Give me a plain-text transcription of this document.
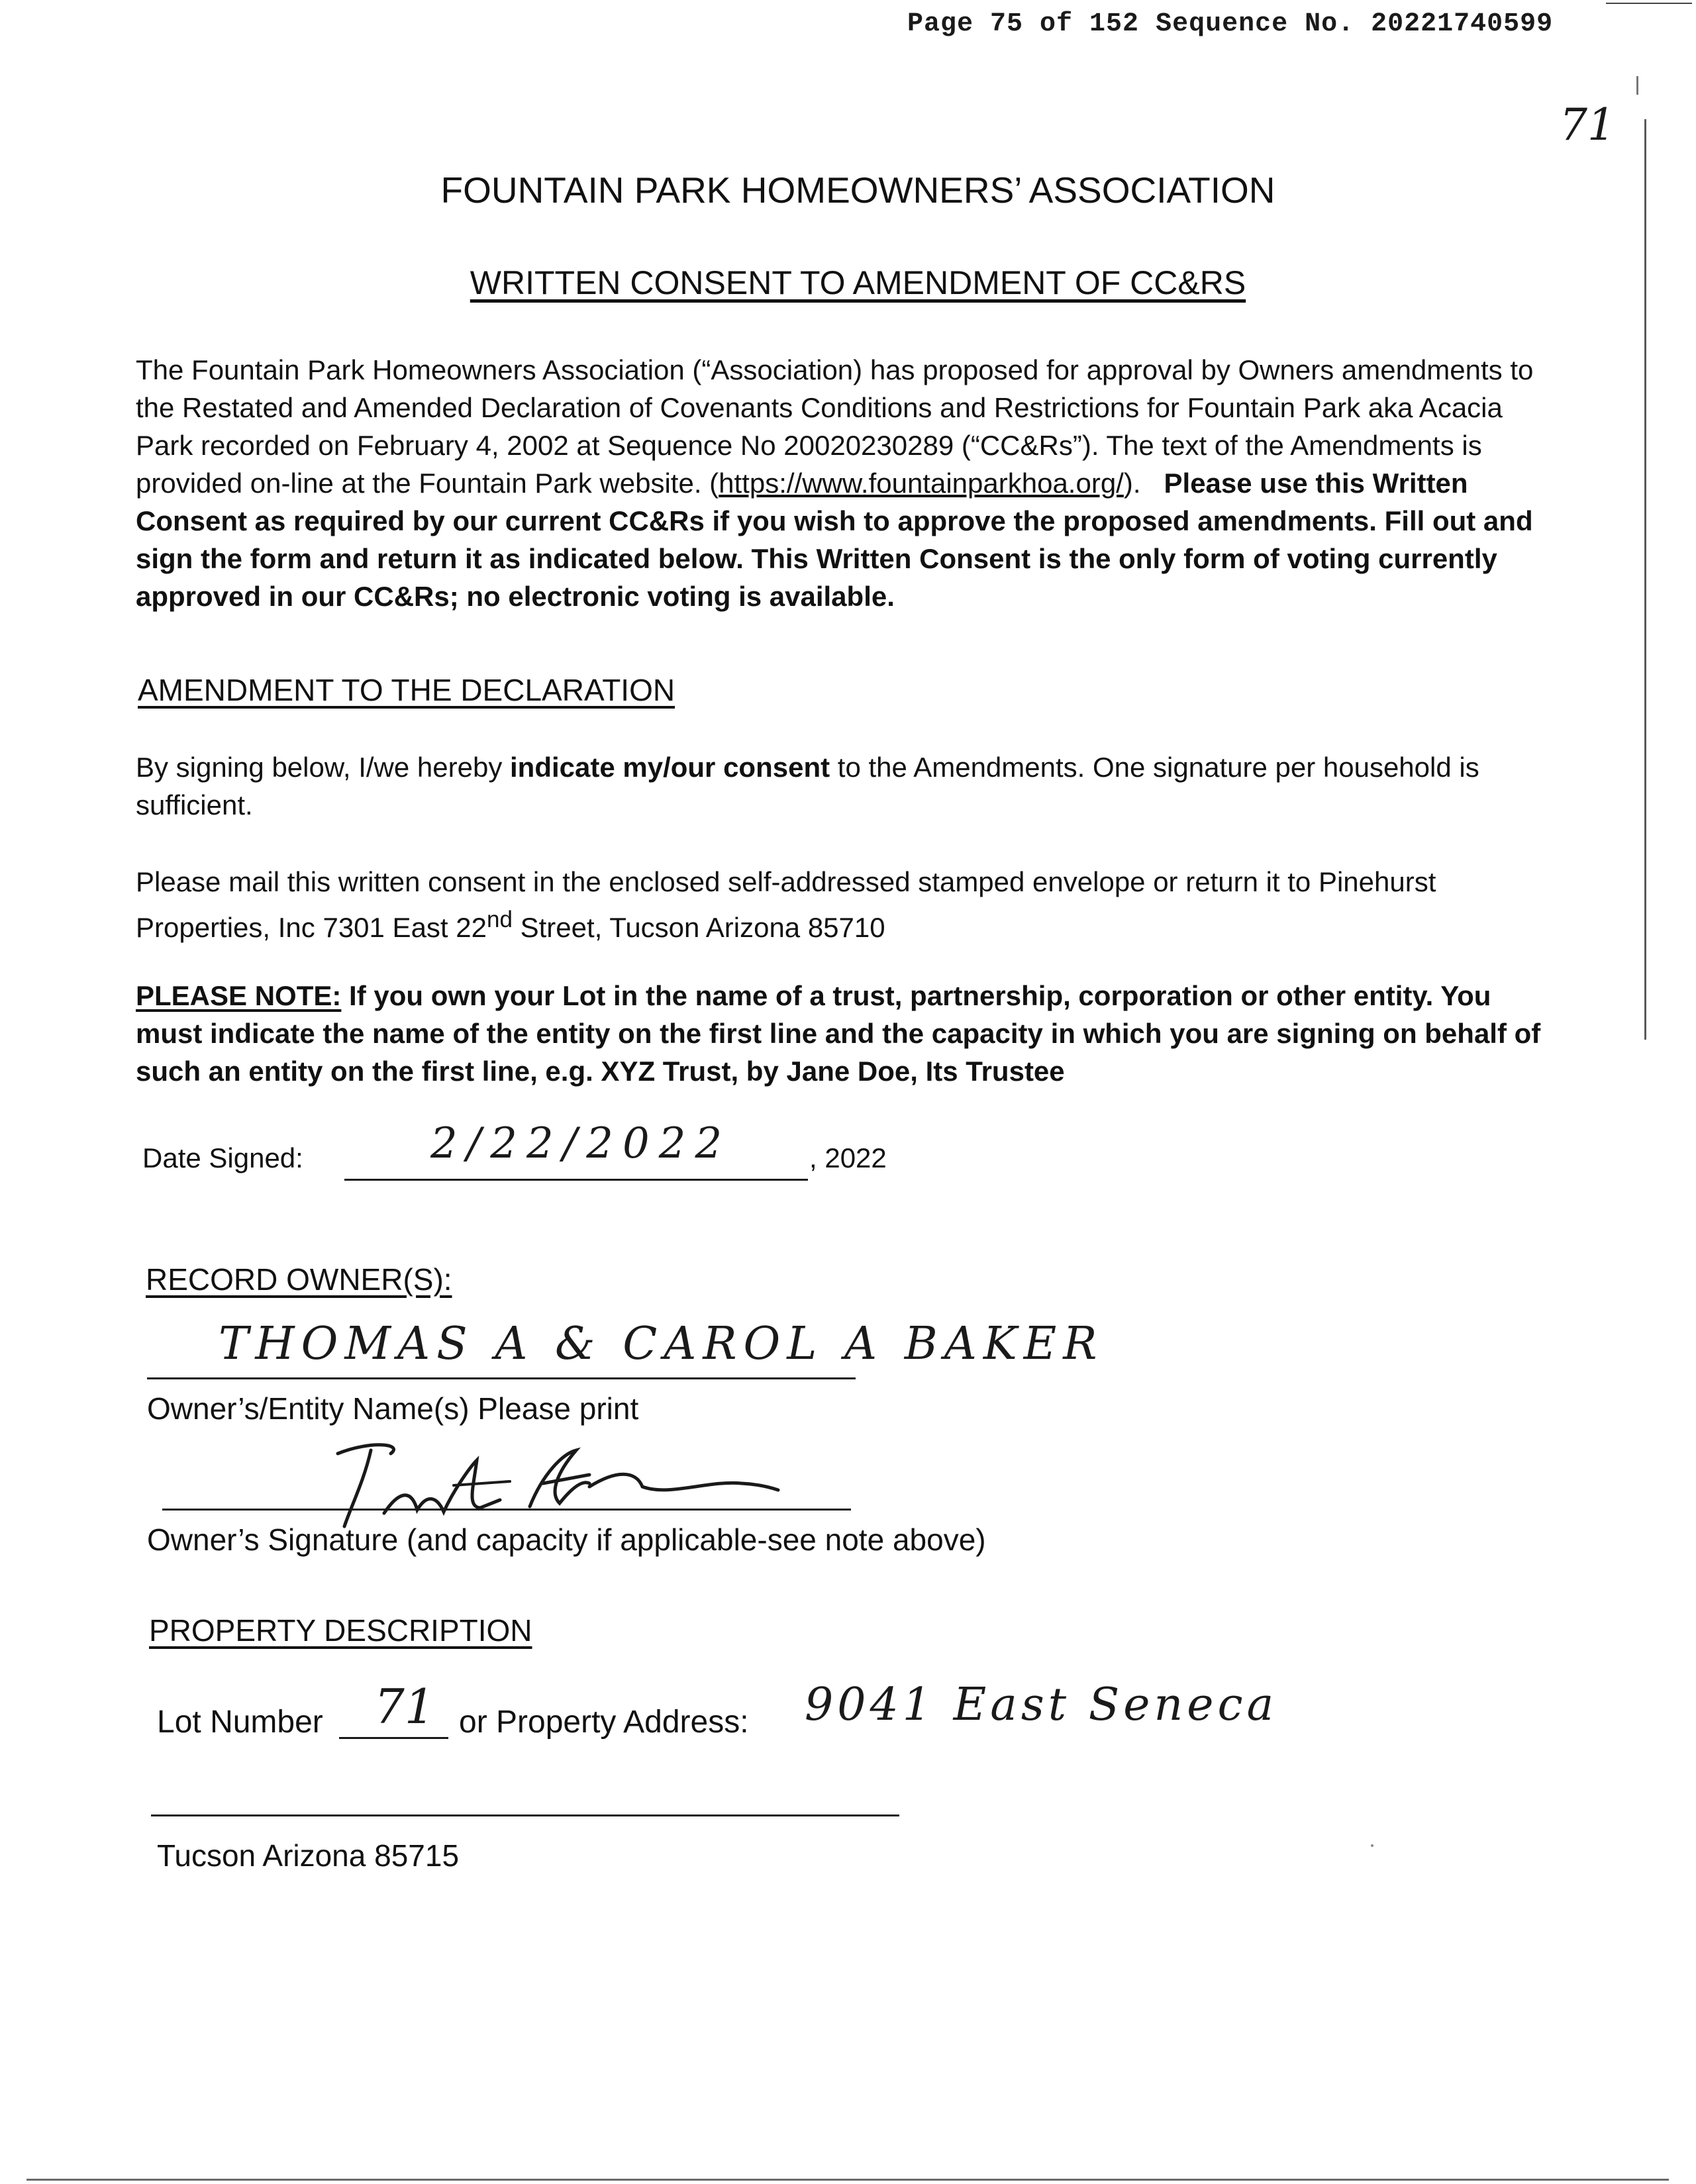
Page 75 of 152 Sequence No. 20221740599
71
FOUNTAIN PARK HOMEOWNERS’ ASSOCIATION
WRITTEN CONSENT TO AMENDMENT OF CC&RS
The Fountain Park Homeowners Association (“Association) has proposed for approval by Owners amendments to the Restated and Amended Declaration of Covenants Conditions and Restrictions for Fountain Park aka Acacia Park recorded on February 4, 2002 at Sequence No 20020230289 (“CC&Rs”). The text of the Amendments is provided on-line at the Fountain Park website. (https://www.fountainparkhoa.org/). Please use this Written Consent as required by our current CC&Rs if you wish to approve the proposed amendments. Fill out and sign the form and return it as indicated below. This Written Consent is the only form of voting currently approved in our CC&Rs; no electronic voting is available.
AMENDMENT TO THE DECLARATION
By signing below, I/we hereby indicate my/our consent to the Amendments. One signature per household is sufficient.
Please mail this written consent in the enclosed self-addressed stamped envelope or return it to Pinehurst Properties, Inc 7301 East 22nd Street, Tucson Arizona 85710
PLEASE NOTE: If you own your Lot in the name of a trust, partnership, corporation or other entity. You must indicate the name of the entity on the first line and the capacity in which you are signing on behalf of such an entity on the first line, e.g. XYZ Trust, by Jane Doe, Its Trustee
Date Signed:	2/22/2022	, 2022
RECORD OWNER(S):
THOMAS A & CAROL A BAKER
Owner’s/Entity Name(s) Please print
Owner’s Signature (and capacity if applicable-see note above)
PROPERTY DESCRIPTION
Lot Number 71 or Property Address: 9041 East Seneca
Tucson Arizona 85715
